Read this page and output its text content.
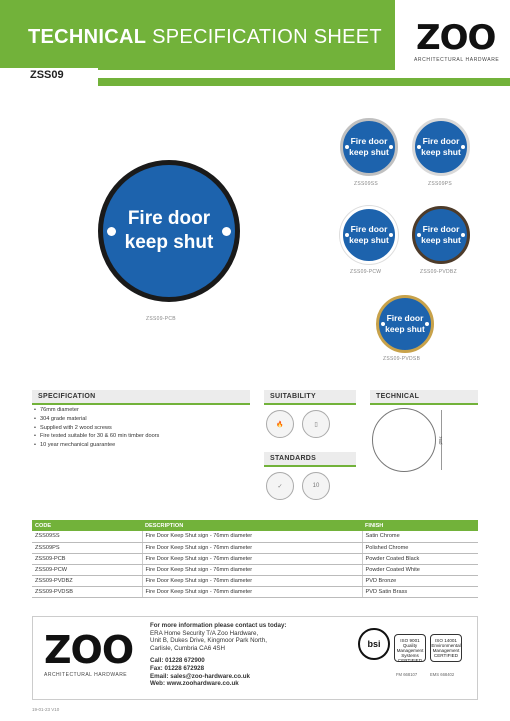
TECHNICAL SPECIFICATION SHEET ZOO
ARCHITECTURAL HARDWARE
ZSS09
Fire door
keep shut
ZSS09-PCB
Fire door
keep shut
ZSS09SS
Fire door
keep shut
ZSS09PS
Fire door
keep shut
ZSS09-PCW
Fire door
keep shut
ZSS09-PVDBZ
Fire door
keep shut
ZSS09-PVDSB
SPECIFICATION
• 76mm diameter
• 304 grade material
• Supplied with 2 wood screws
• Fire tested suitable for 30 & 60 min timber doors
• 10 year mechanical guarantee
SUITABILITY
🔥	▯
STANDARDS
✓	10
TECHNICAL
76Ø
CODE	DESCRIPTION	FINISH
ZSS09SS	Fire Door Keep Shut sign - 76mm diameter	Satin Chrome
ZSS09PS	Fire Door Keep Shut sign - 76mm diameter	Polished Chrome
ZSS09-PCB	Fire Door Keep Shut sign - 76mm diameter	Powder Coated Black
ZSS09-PCW	Fire Door Keep Shut sign - 76mm diameter	Powder Coated White
ZSS09-PVDBZ	Fire Door Keep Shut sign - 76mm diameter	PVD Bronze
ZSS09-PVDSB	Fire Door Keep Shut sign - 76mm diameter	PVD Satin Brass
ZOO
ARCHITECTURAL HARDWARE
For more information please contact us today:
ERA Home Security T/A Zoo Hardware,
Unit B, Dukes Drive, Kingmoor Park North,
Carlisle, Cumbria CA6 4SH
Call: 01228 672900
Fax: 01228 672928
Email: sales@zoo-hardware.co.uk
Web: www.zoohardware.co.uk
bsi	ISO 9001
Quality
Management
Systems
CERTIFIED
ISO 14001
Environmental
Management
CERTIFIED
FM 668107	EMS 668402
19-01-23 V10
